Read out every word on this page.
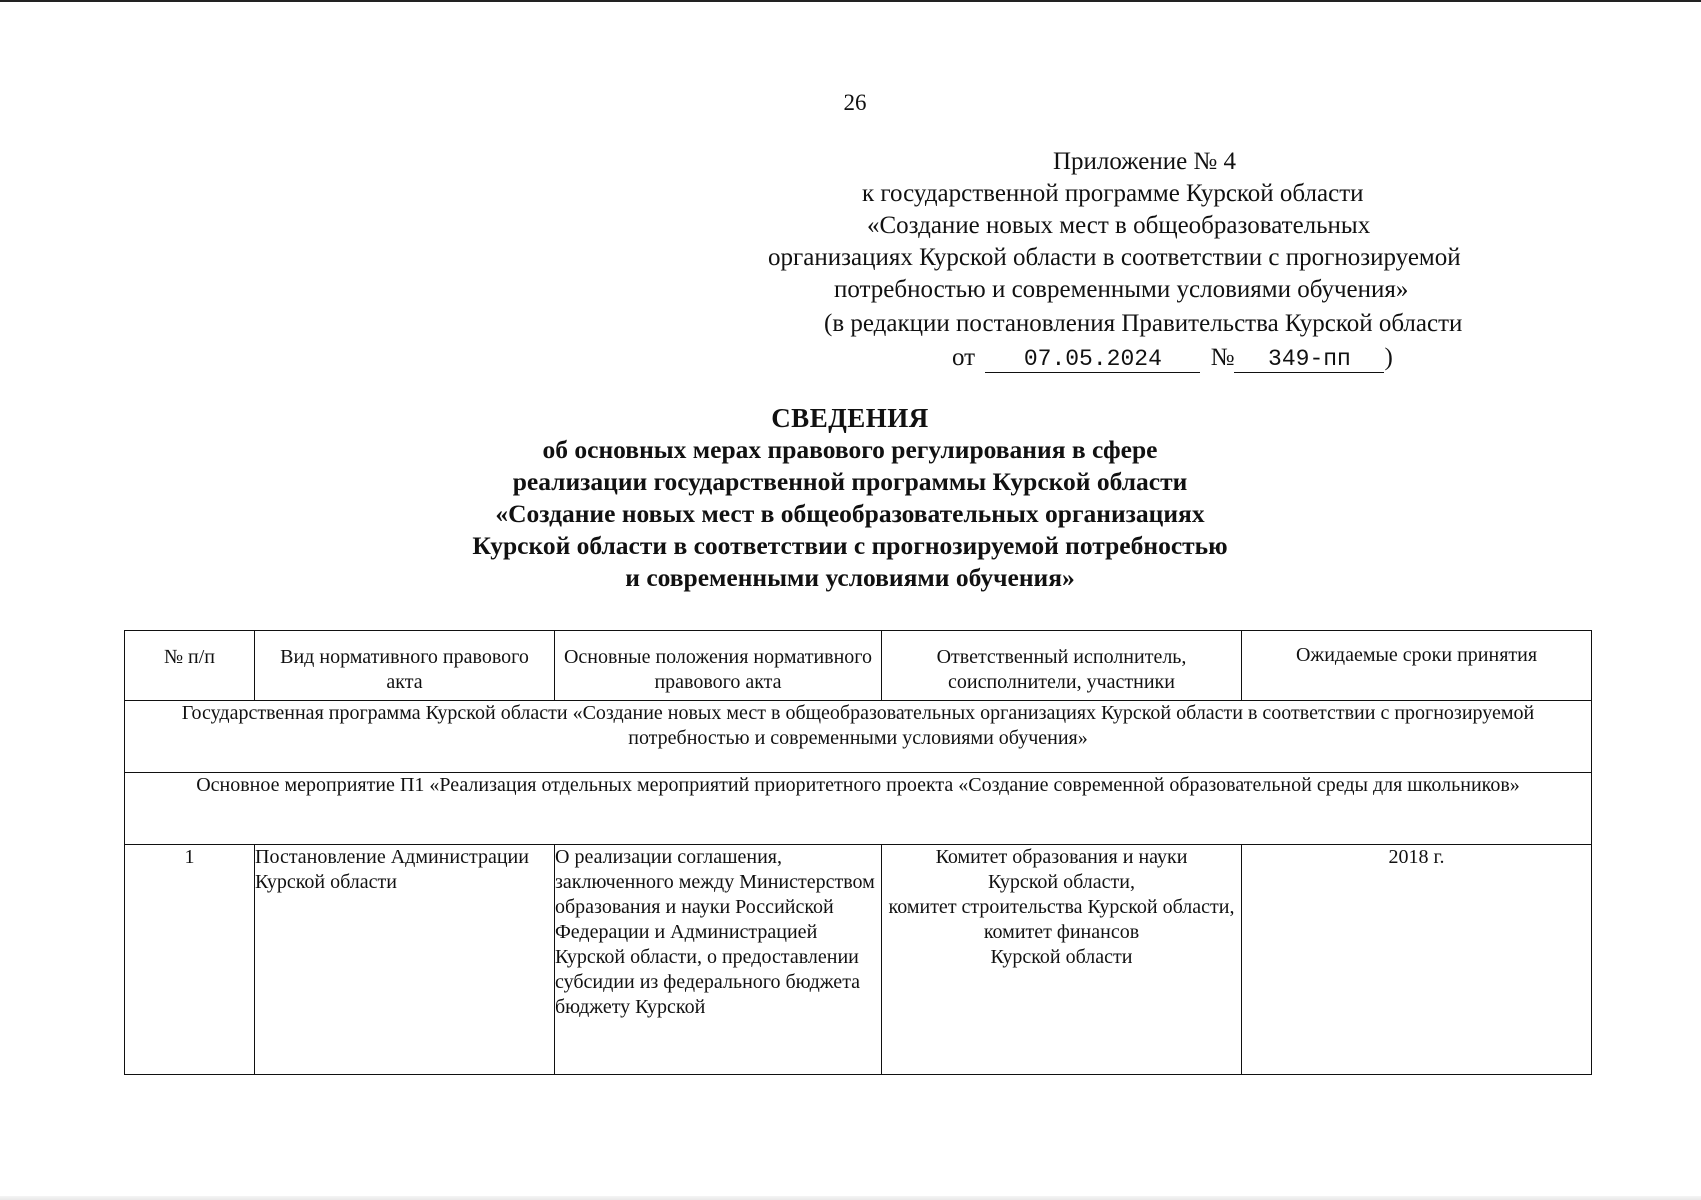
26
Приложение № 4
к государственной программе Курской области
«Создание новых мест в общеобразовательных
организациях Курской области в соответствии с прогнозируемой
потребностью и современными условиями обучения»
(в редакции постановления Правительства Курской области
от 07.05.2024 № 349-пп )
СВЕДЕНИЯ
об основных мерах правового регулирования в сфере
реализации государственной программы Курской области
«Создание новых мест в общеобразовательных организациях
Курской области в соответствии с прогнозируемой потребностью
и современными условиями обучения»
№ п/п	Вид нормативного правового акта	Основные положения нормативного правового акта	Ответственный исполнитель, соисполнители, участники	Ожидаемые сроки принятия
Государственная программа Курской области «Создание новых мест в общеобразовательных организациях Курской области в соответствии с прогнозируемой потребностью и современными условиями обучения»				
Основное мероприятие П1 «Реализация отдельных мероприятий приоритетного проекта «Создание современной образовательной среды для школьников»				
1	Постановление Администрации Курской области	О реализации соглашения, заключенного между Министерством образования и науки Российской Федерации и Администрацией Курской области, о предоставлении субсидии из федерального бюджета бюджету Курской	Комитет образования и науки
Курской области,
комитет строительства Курской области,
комитет финансов
Курской области	2018 г.
